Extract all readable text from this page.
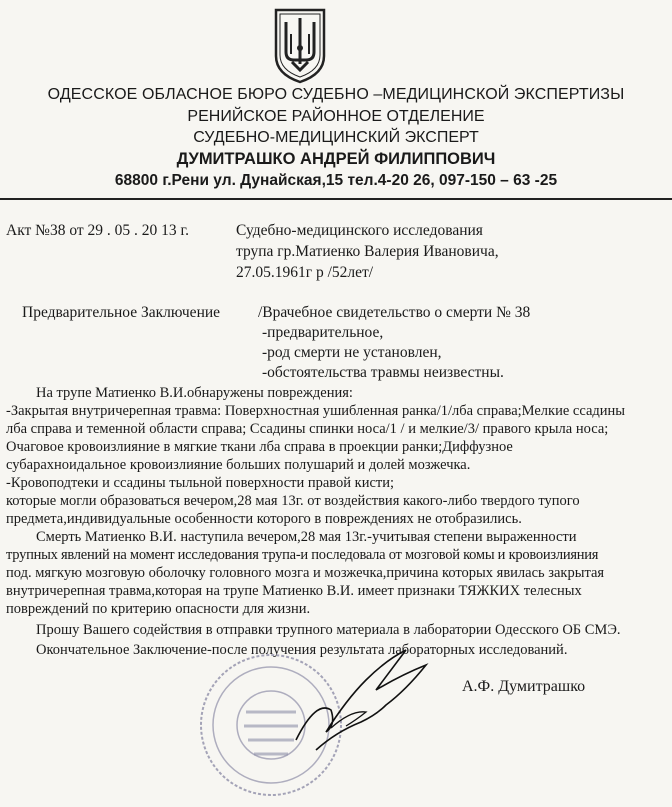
ОДЕССКОЕ ОБЛАСНОЕ БЮРО СУДЕБНО –МЕДИЦИНСКОЙ ЭКСПЕРТИЗЫ
РЕНИЙСКОЕ РАЙОННОЕ ОТДЕЛЕНИЕ
СУДЕБНО-МЕДИЦИНСКИЙ ЭКСПЕРТ
ДУМИТРАШКО АНДРЕЙ ФИЛИППОВИЧ
68800 г.Рени ул. Дунайская,15 тел.4-20 26, 097-150 – 63 -25
Акт №38 от 29 . 05 . 20 13 г.	Судебно-медицинского исследования
трупа гр.Матиенко Валерия Ивановича,
27.05.1961г р /52лет/
Предварительное Заключение /Врачебное свидетельство о смерти № 38
-предварительное,
-род смерти не установлен,
-обстоятельства травмы неизвестны.
На трупе Матиенко В.И.обнаружены повреждения:
-Закрытая внутричерепная травма: Поверхностная ушибленная ранка/1/лба справа;Мелкие ссадины
лба справа и теменной области справа; Ссадины спинки носа/1 / и мелкие/3/ правого крыла носа;
Очаговое кровоизлияние в мягкие ткани лба справа в проекции ранки;Диффузное
субарахноидальное кровоизлияние больших полушарий и долей мозжечка.
-Кровоподтеки и ссадины тыльной поверхности правой кисти;
которые могли образоваться вечером,28 мая 13г. от воздействия какого-либо твердого тупого
предмета,индивидуальные особенности которого в повреждениях не отобразились.
Смерть Матиенко В.И. наступила вечером,28 мая 13г.-учитывая степени выраженности
трупных явлений на момент исследования трупа-и последовала от мозговой комы и кровоизлияния
под. мягкую мозговую оболочку головного мозга и мозжечка,причина которых явилась закрытая
внутричерепная травма,которая на трупе Матиенко В.И. имеет признаки ТЯЖКИХ телесных
повреждений по критерию опасности для жизни.
Прошу Вашего содействия в отправки трупного материала в лаборатории Одесского ОБ СМЭ.
Окончательное Заключение-после получения результата лабораторных исследований.
А.Ф. Думитрашко
